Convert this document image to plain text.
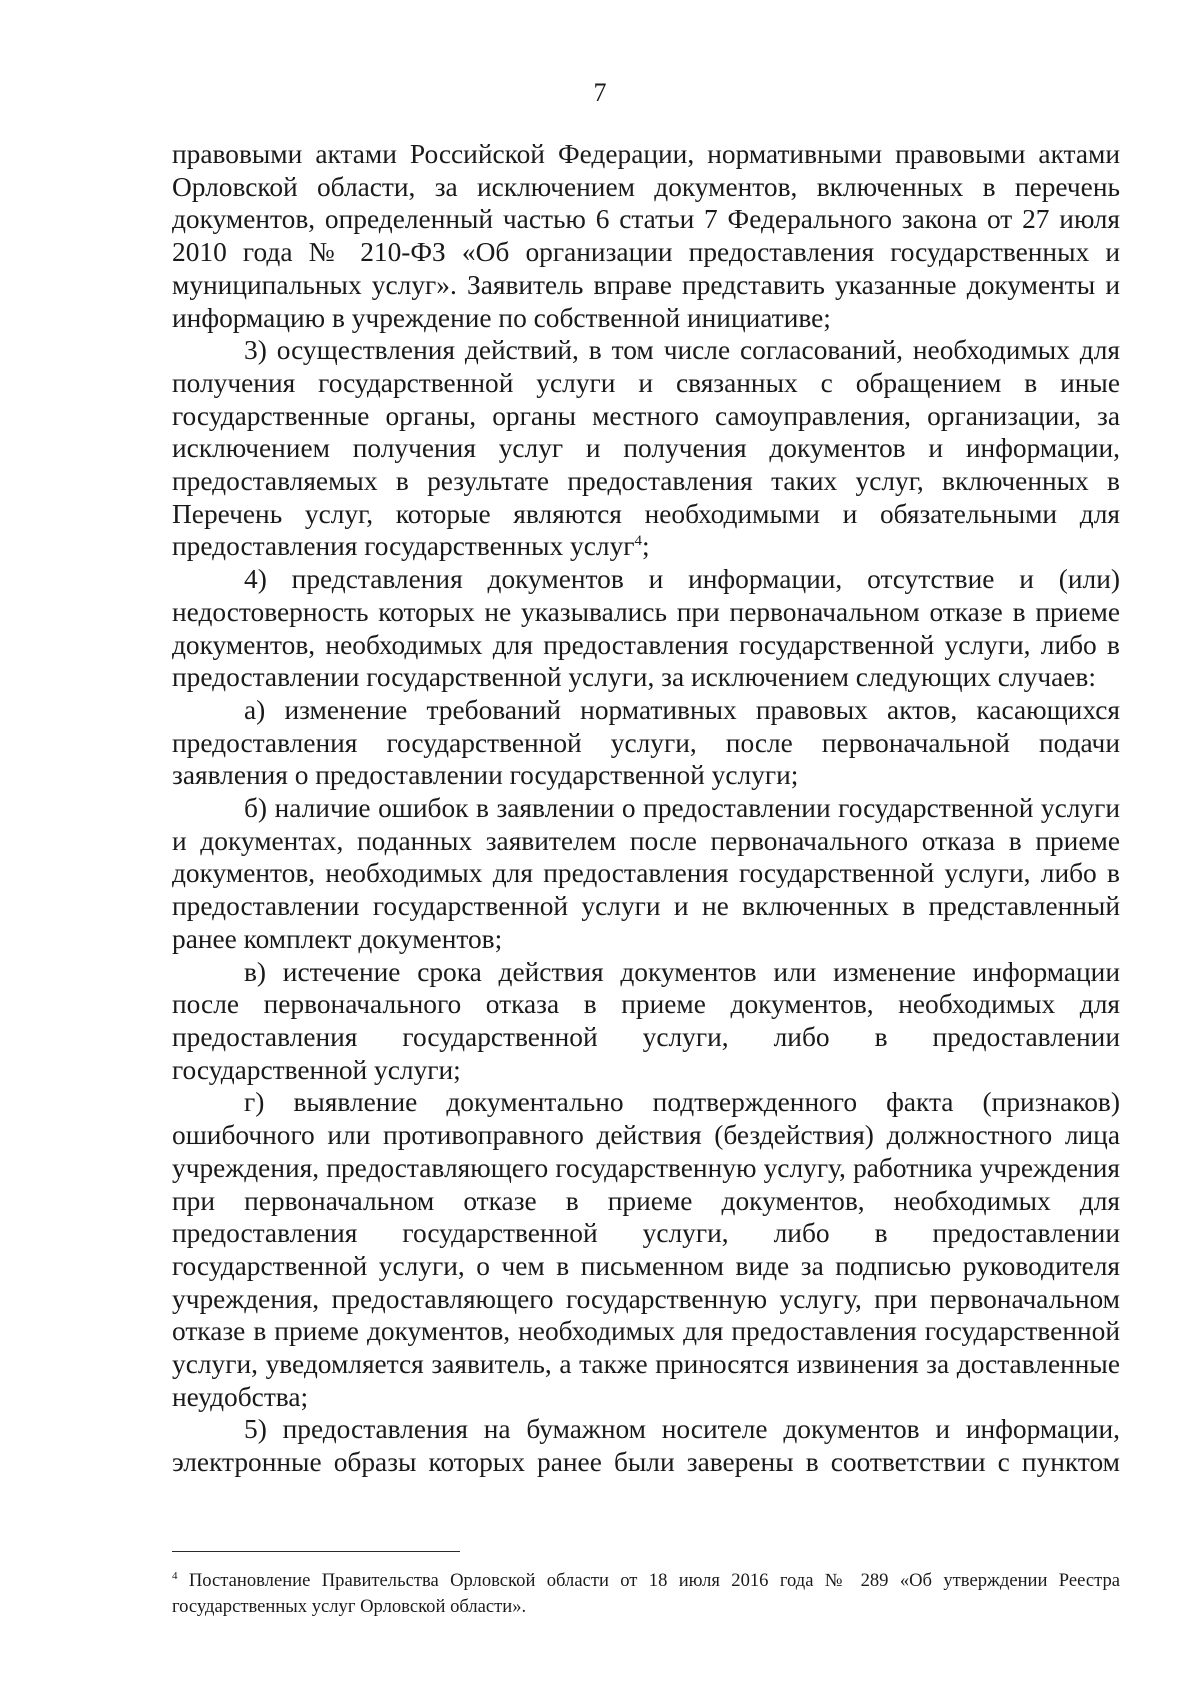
7

правовыми актами Российской Федерации, нормативными правовыми актами Орловской области, за исключением документов, включенных в перечень документов, определенный частью 6 статьи 7 Федерального закона от 27 июля 2010 года № 210-ФЗ «Об организации предоставления государственных и муниципальных услуг». Заявитель вправе представить указанные документы и информацию в учреждение по собственной инициативе;

3) осуществления действий, в том числе согласований, необходимых для получения государственной услуги и связанных с обращением в иные государственные органы, органы местного самоуправления, организации, за исключением получения услуг и получения документов и информации, предоставляемых в результате предоставления таких услуг, включенных в Перечень услуг, которые являются необходимыми и обязательными для предоставления государственных услуг$^4$;

4) представления документов и информации, отсутствие и (или) недостоверность которых не указывались при первоначальном отказе в приеме документов, необходимых для предоставления государственной услуги, либо в предоставлении государственной услуги, за исключением следующих случаев:

а) изменение требований нормативных правовых актов, касающихся предоставления государственной услуги, после первоначальной подачи заявления о предоставлении государственной услуги;

б) наличие ошибок в заявлении о предоставлении государственной услуги и документах, поданных заявителем после первоначального отказа в приеме документов, необходимых для предоставления государственной услуги, либо в предоставлении государственной услуги и не включенных в представленный ранее комплект документов;

в) истечение срока действия документов или изменение информации после первоначального отказа в приеме документов, необходимых для предоставления государственной услуги, либо в предоставлении государственной услуги;

г) выявление документально подтвержденного факта (признаков) ошибочного или противоправного действия (бездействия) должностного лица учреждения, предоставляющего государственную услугу, работника учреждения при первоначальном отказе в приеме документов, необходимых для предоставления государственной услуги, либо в предоставлении государственной услуги, о чем в письменном виде за подписью руководителя учреждения, предоставляющего государственную услугу, при первоначальном отказе в приеме документов, необходимых для предоставления государственной услуги, уведомляется заявитель, а также приносятся извинения за доставленные неудобства;

5) предоставления на бумажном носителе документов и информации, электронные образы которых ранее были заверены в соответствии с пунктом

$^4$ Постановление Правительства Орловской области от 18 июля 2016 года № 289 «Об утверждении Реестра государственных услуг Орловской области».
